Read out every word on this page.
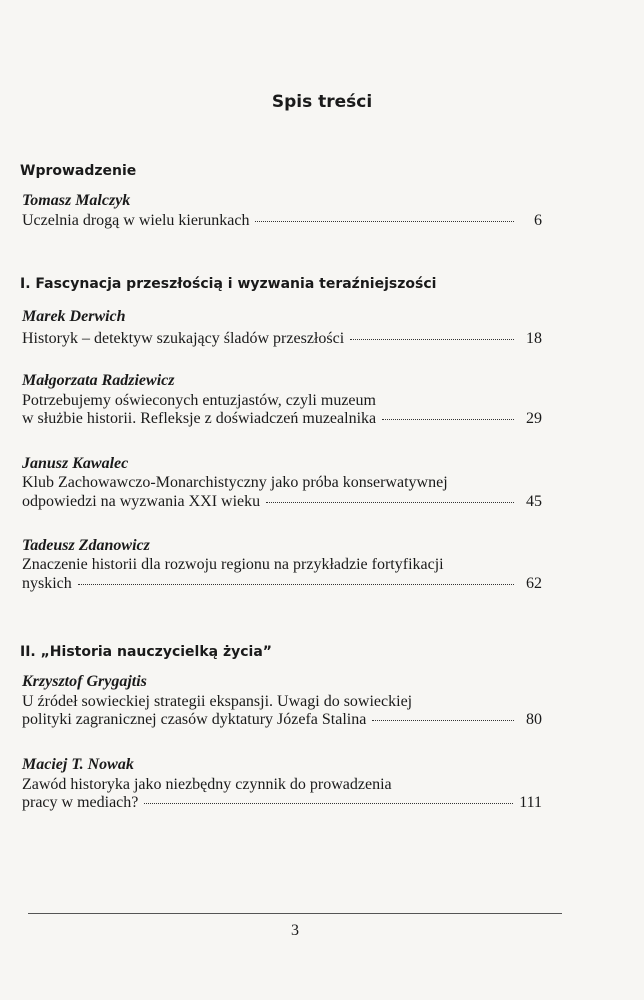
Spis treści
Wprowadzenie
Tomasz Malczyk
Uczelnia drogą w wielu kierunkach	6
I. Fascynacja przeszłością i wyzwania teraźniejszości
Marek Derwich
Historyk – detektyw szukający śladów przeszłości	18
Małgorzata Radziewicz
Potrzebujemy oświeconych entuzjastów, czyli muzeum
w służbie historii. Refleksje z doświadczeń muzealnika	29
Janusz Kawalec
Klub Zachowawczo-Monarchistyczny jako próba konserwatywnej
odpowiedzi na wyzwania XXI wieku	45
Tadeusz Zdanowicz
Znaczenie historii dla rozwoju regionu na przykładzie fortyfikacji
nyskich	62
II. „Historia nauczycielką życia”
Krzysztof Grygajtis
U źródeł sowieckiej strategii ekspansji. Uwagi do sowieckiej
polityki zagranicznej czasów dyktatury Józefa Stalina	80
Maciej T. Nowak
Zawód historyka jako niezbędny czynnik do prowadzenia
pracy w mediach?	111
3
